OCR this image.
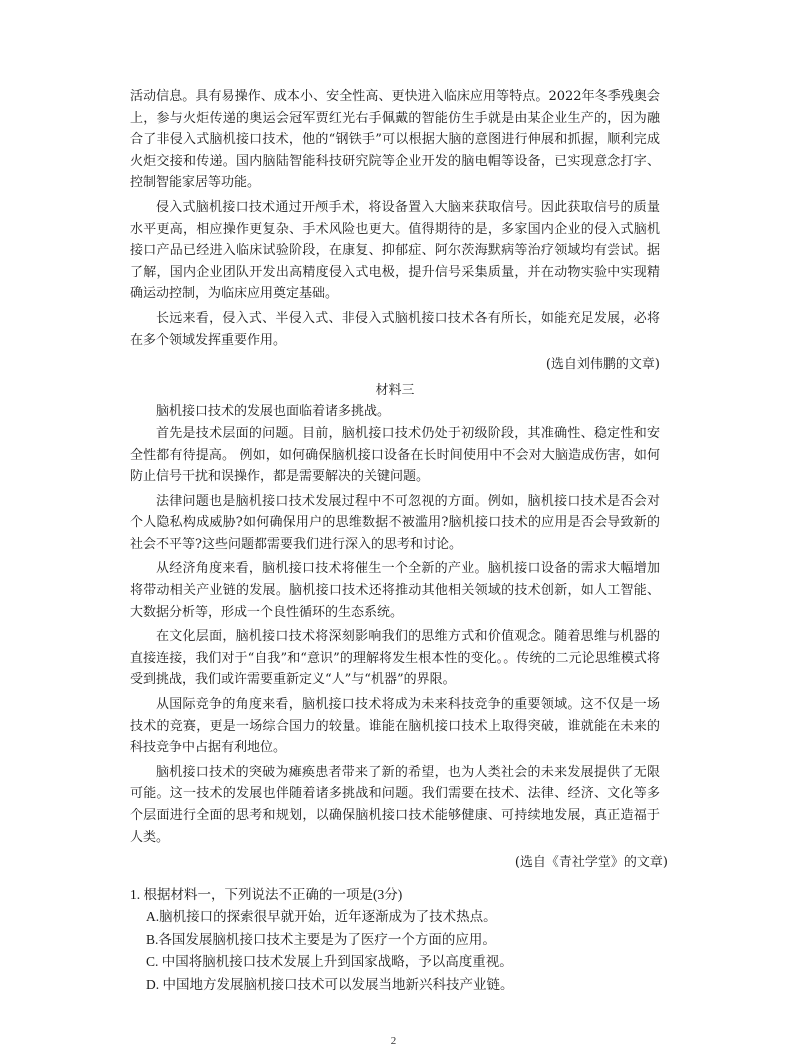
活动信息。具有易操作、成本小、安全性高、更快进入临床应用等特点。2022年冬季残奥会上，参与火炬传递的奥运会冠军贾红光右手佩戴的智能仿生手就是由某企业生产的，因为融合了非侵入式脑机接口技术，他的“钢铁手”可以根据大脑的意图进行伸展和抓握，顺利完成火炬交接和传递。国内脑陆智能科技研究院等企业开发的脑电帽等设备，已实现意念打字、控制智能家居等功能。

侵入式脑机接口技术通过开颅手术，将设备置入大脑来获取信号。因此获取信号的质量水平更高，相应操作更复杂、手术风险也更大。值得期待的是，多家国内企业的侵入式脑机接口产品已经进入临床试验阶段，在康复、抑郁症、阿尔茨海默病等治疗领域均有尝试。据了解，国内企业团队开发出高精度侵入式电极，提升信号采集质量，并在动物实验中实现精确运动控制，为临床应用奠定基础。

长远来看，侵入式、半侵入式、非侵入式脑机接口技术各有所长，如能充足发展，必将在多个领域发挥重要作用。

(选自刘伟鹏的文章)
材料三

脑机接口技术的发展也面临着诸多挑战。

首先是技术层面的问题。目前，脑机接口技术仍处于初级阶段，其准确性、稳定性和安全性都有待提高。 例如，如何确保脑机接口设备在长时间使用中不会对大脑造成伤害，如何防止信号干扰和误操作，都是需要解决的关键问题。

法律问题也是脑机接口技术发展过程中不可忽视的方面。例如，脑机接口技术是否会对个人隐私构成威胁?如何确保用户的思维数据不被滥用?脑机接口技术的应用是否会导致新的社会不平等?这些问题都需要我们进行深入的思考和讨论。

从经济角度来看，脑机接口技术将催生一个全新的产业。脑机接口设备的需求大幅增加将带动相关产业链的发展。脑机接口技术还将推动其他相关领域的技术创新，如人工智能、大数据分析等，形成一个良性循环的生态系统。

在文化层面，脑机接口技术将深刻影响我们的思维方式和价值观念。随着思维与机器的直接连接，我们对于“自我”和“意识”的理解将发生根本性的变化。。传统的二元论思维模式将受到挑战，我们或许需要重新定义“人”与“机器”的界限。

从国际竞争的角度来看，脑机接口技术将成为未来科技竞争的重要领域。这不仅是一场技术的竞赛，更是一场综合国力的较量。谁能在脑机接口技术上取得突破，谁就能在未来的科技竞争中占据有利地位。

脑机接口技术的突破为瘫痪患者带来了新的希望，也为人类社会的未来发展提供了无限可能。这一技术的发展也伴随着诸多挑战和问题。我们需要在技术、法律、经济、文化等多个层面进行全面的思考和规划，以确保脑机接口技术能够健康、可持续地发展，真正造福于人类。

(选自《青社学堂》的文章)

1. 根据材料一，下列说法不正确的一项是(3分)

A.脑机接口的探索很早就开始，近年逐渐成为了技术热点。

B.各国发展脑机接口技术主要是为了医疗一个方面的应用。

C. 中国将脑机接口技术发展上升到国家战略，予以高度重视。

D. 中国地方发展脑机接口技术可以发展当地新兴科技产业链。

2
